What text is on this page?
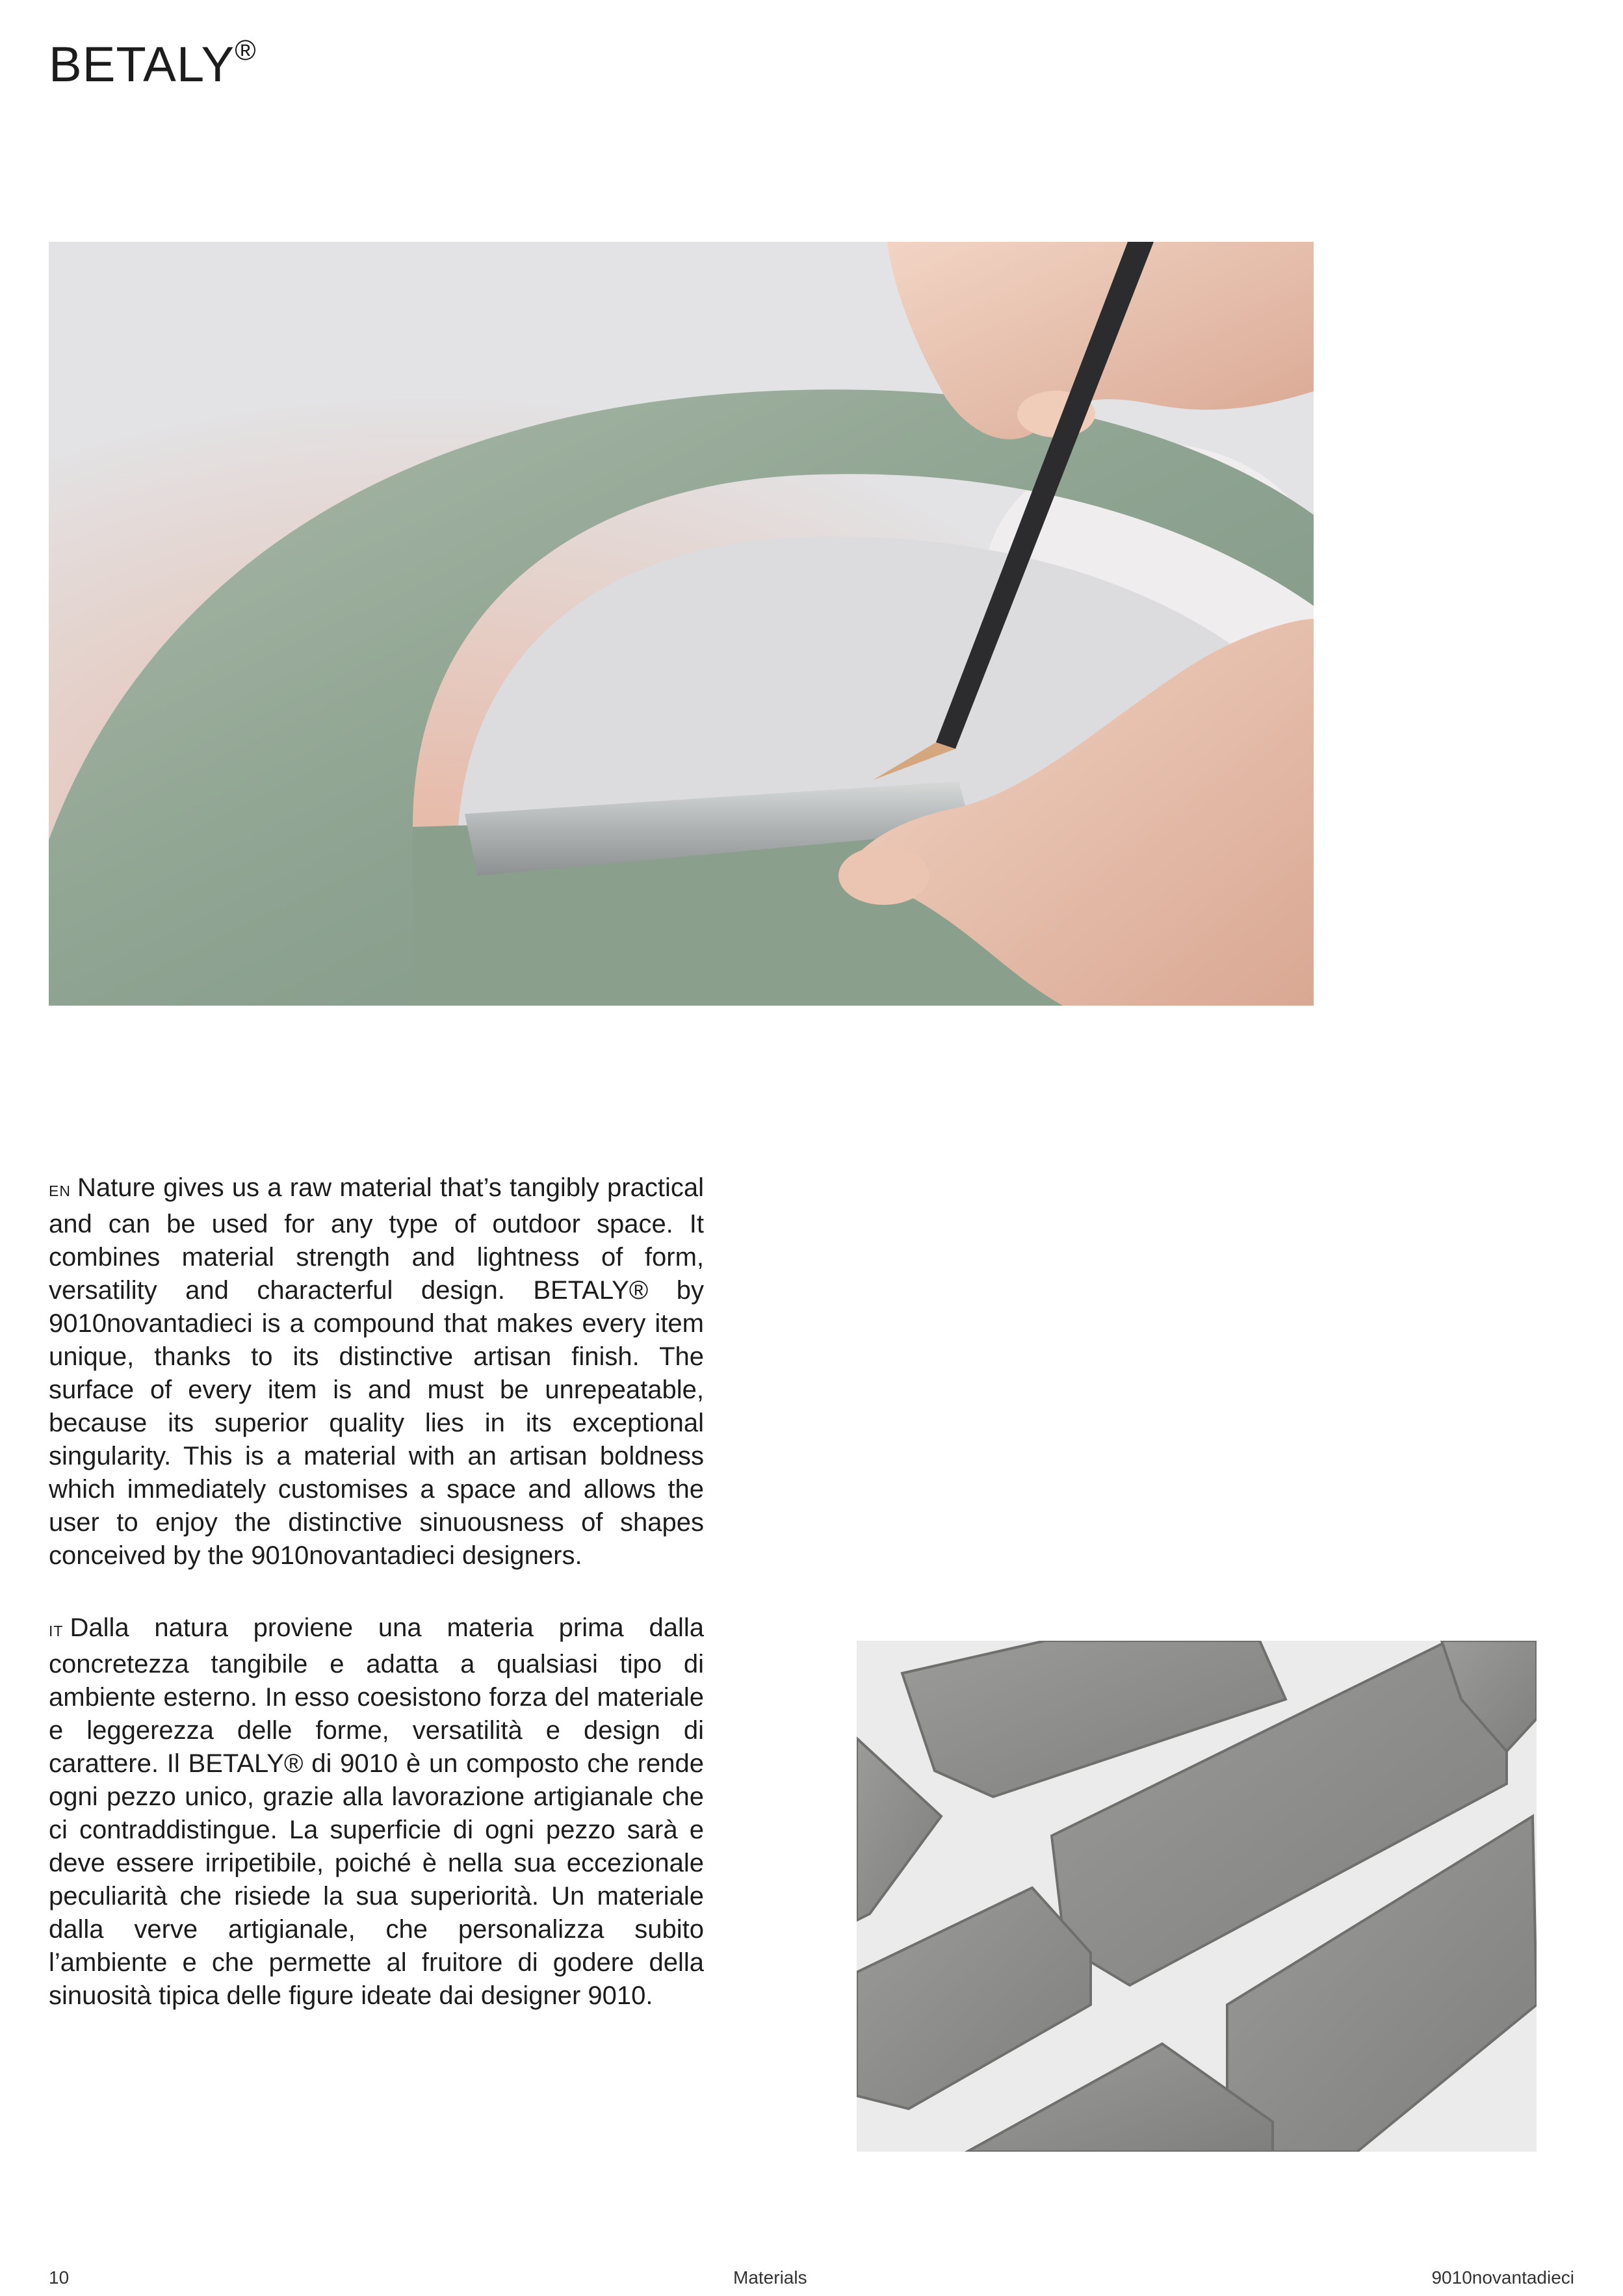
BETALY®
EN Nature gives us a raw material that’s tangibly practical and can be used for any type of outdoor space. It combines material strength and lightness of form, versatility and characterful design. BETALY® by 9010novantadieci is a compound that makes every item unique, thanks to its distinctive artisan finish. The surface of every item is and must be unrepeatable, because its superior quality lies in its exceptional singularity. This is a material with an artisan boldness which immediately customises a space and allows the user to enjoy the distinctive sinuousness of shapes conceived by the 9010novantadieci designers.
IT Dalla natura proviene una materia prima dalla concretezza tangibile e adatta a qualsiasi tipo di ambiente esterno. In esso coesistono forza del materiale e leggerezza delle forme, versatilità e design di carattere. Il BETALY® di 9010 è un composto che rende ogni pezzo unico, grazie alla lavorazione artigianale che ci contraddistingue. La superficie di ogni pezzo sarà e deve essere irripetibile, poiché è nella sua eccezionale peculiarità che risiede la sua superiorità. Un materiale dalla verve artigianale, che personalizza subito l’ambiente e che permette al fruitore di godere della sinuosità tipica delle figure ideate dai designer 9010.
10	Materials	9010novantadieci
